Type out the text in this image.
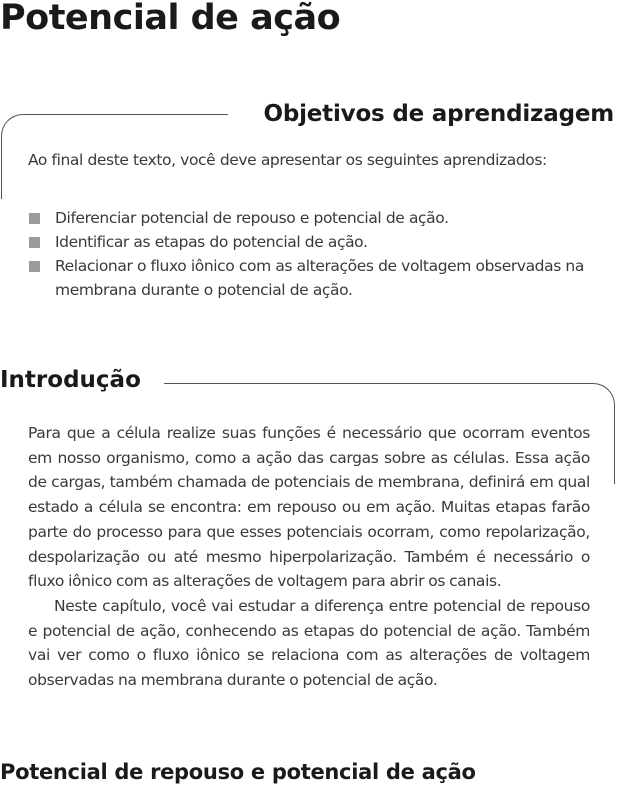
Potencial de ação
Objetivos de aprendizagem

Ao final deste texto, você deve apresentar os seguintes aprendizados:

Diferenciar potencial de repouso e potencial de ação.
Identificar as etapas do potencial de ação.
Relacionar o fluxo iônico com as alterações de voltagem observadas na membrana durante o potencial de ação.
Introdução

Para que a célula realize suas funções é necessário que ocorram eventos em nosso organismo, como a ação das cargas sobre as células. Essa ação de cargas, também chamada de potenciais de membrana, definirá em qual estado a célula se encontra: em repouso ou em ação. Muitas etapas farão parte do processo para que esses potenciais ocorram, como repolarização, despolarização ou até mesmo hiperpolarização. Também é necessário o fluxo iônico com as alterações de voltagem para abrir os canais.

Neste capítulo, você vai estudar a diferença entre potencial de repouso e potencial de ação, conhecendo as etapas do potencial de ação. Também vai ver como o fluxo iônico se relaciona com as alterações de voltagem observadas na membrana durante o potencial de ação.

Potencial de repouso e potencial de ação
